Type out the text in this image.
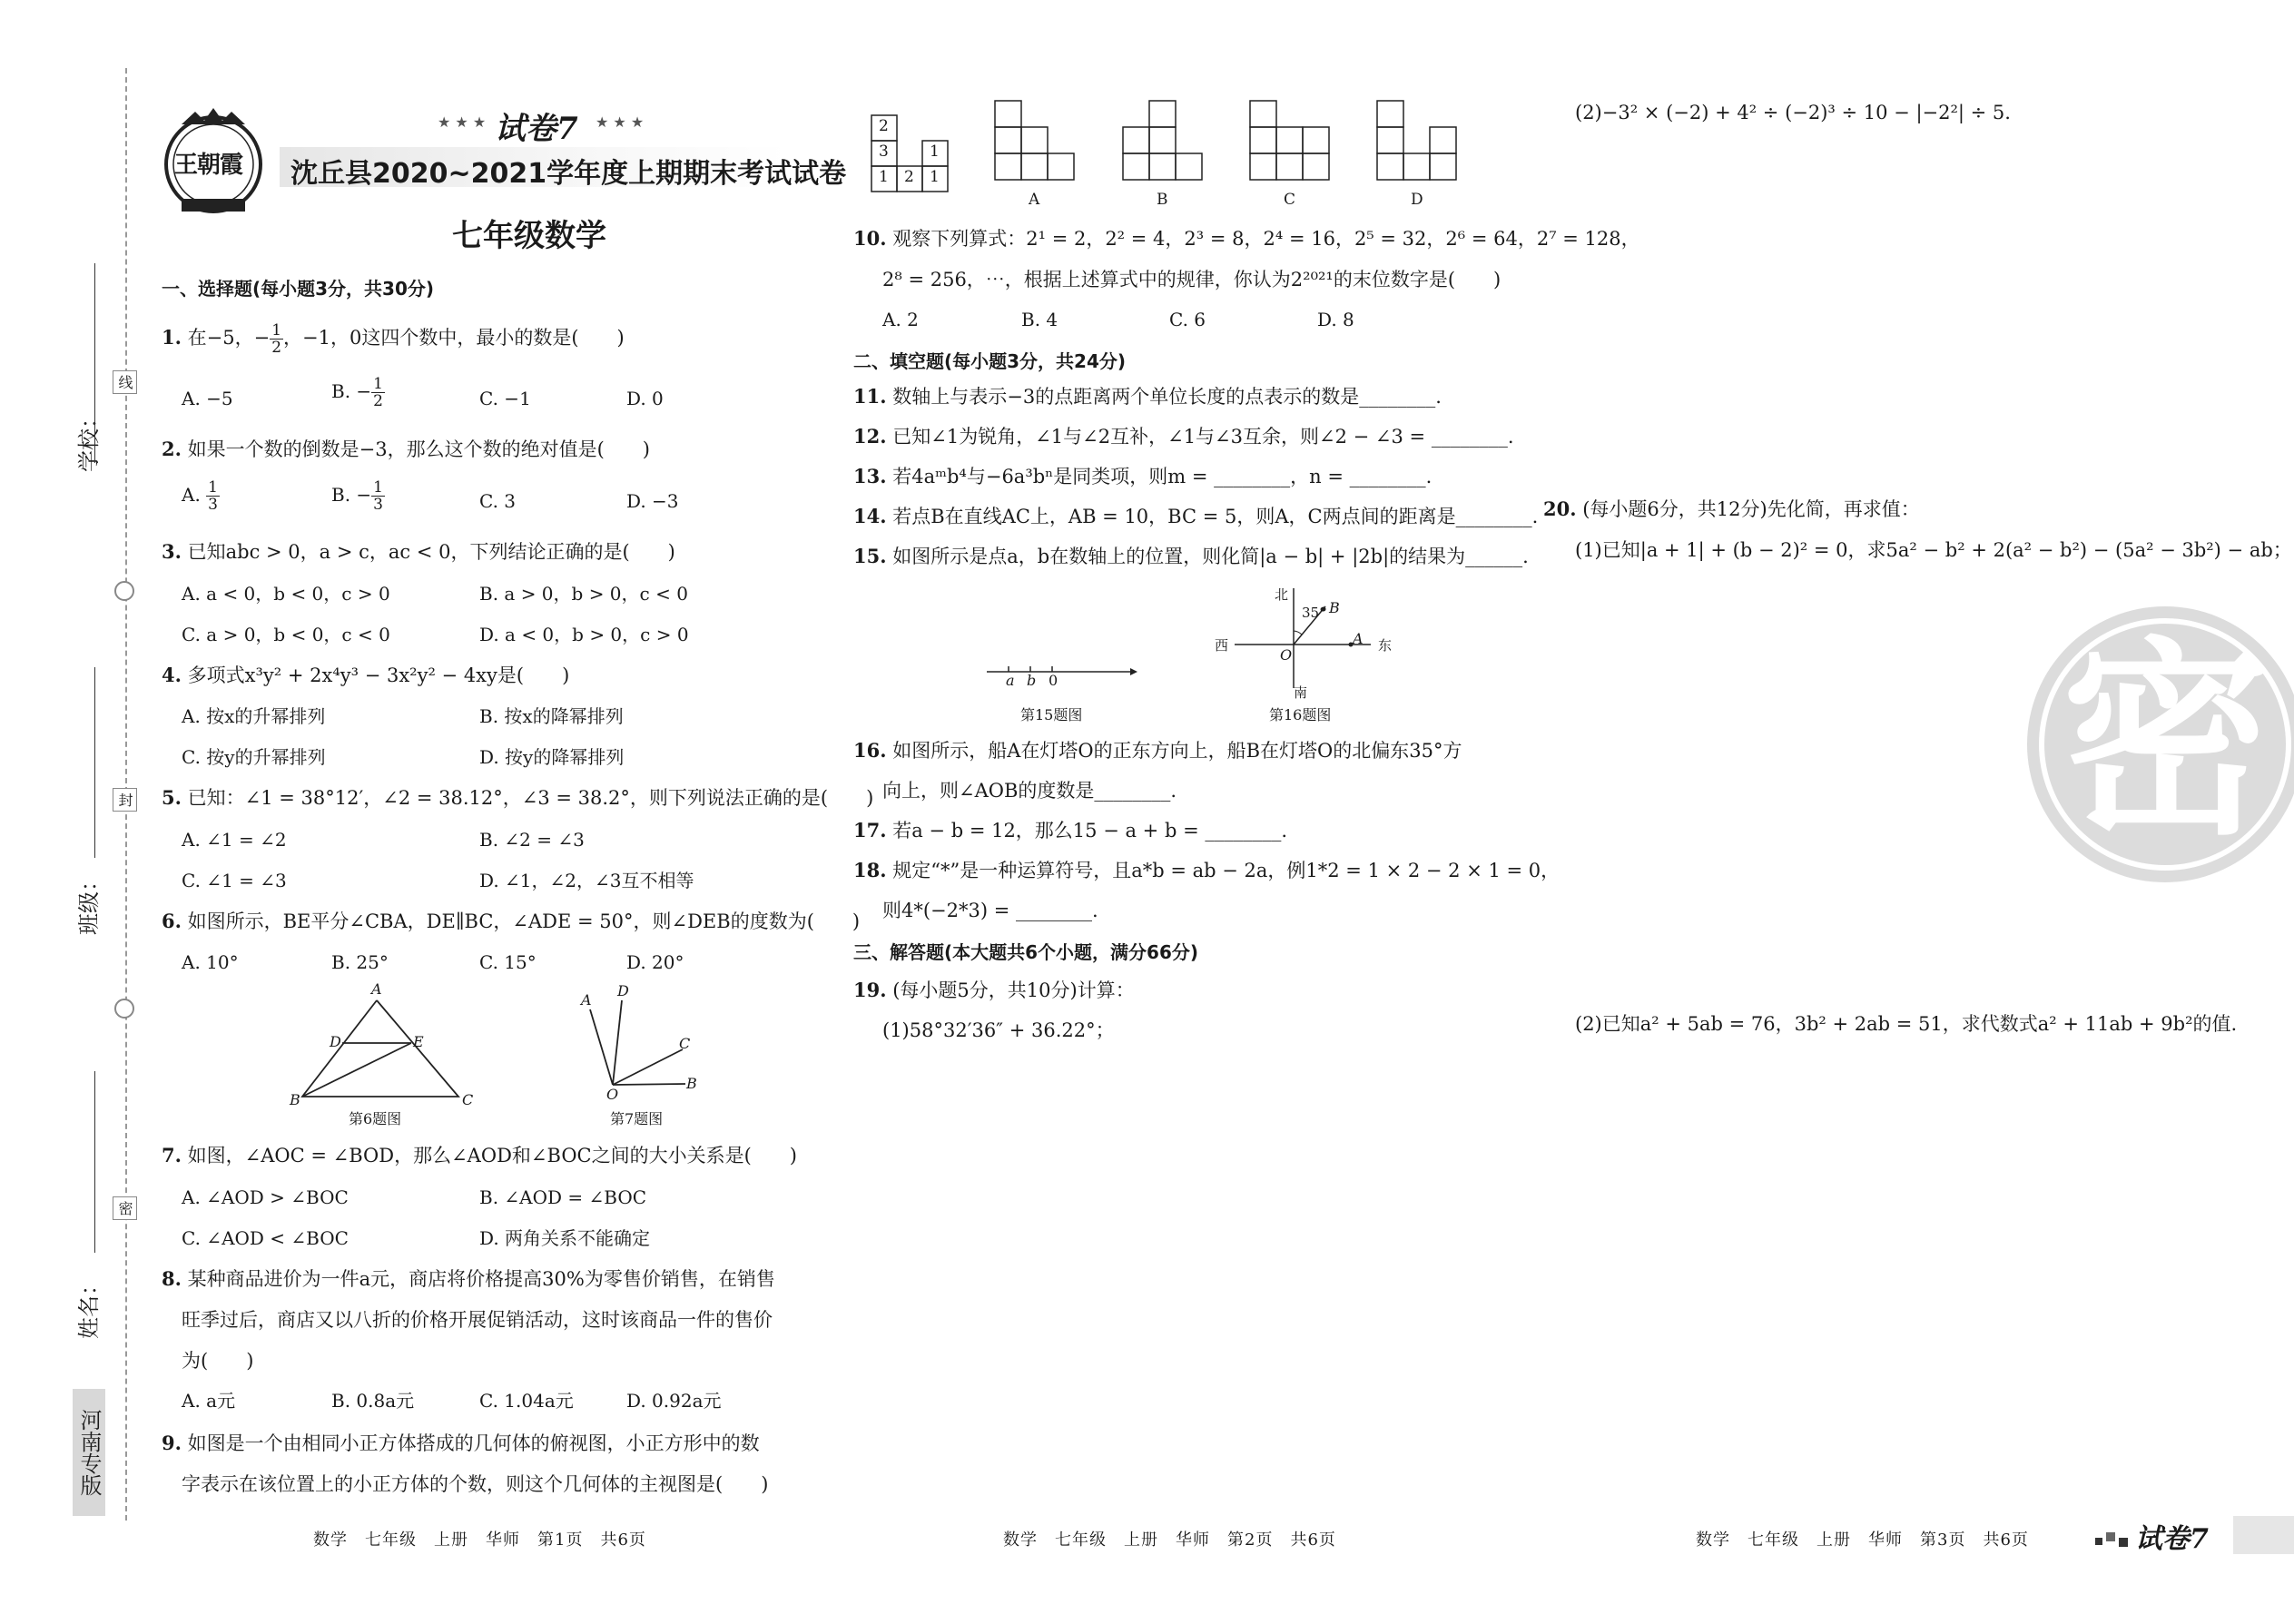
线
封
密
学校：
班级：
姓名：
河南专版
王朝霞
★ ★ ★ 试卷7 ★ ★ ★
沈丘县2020~2021学年度上期期末考试试卷
七年级数学
一、选择题(每小题3分，共30分)
1. 在−5，− $\frac{1}{2}$ ，−1，0这四个数中，最小的数是(　　)
A. −5	B. − $\frac{1}{2}$	C. −1	D. 0
2. 如果一个数的倒数是−3，那么这个数的绝对值是(　　)
A. $\frac{1}{3}$	B. − $\frac{1}{3}$	C. 3	D. −3
3. 已知abc > 0，a > c，ac < 0，下列结论正确的是(　　)
A. a < 0，b < 0，c > 0	B. a > 0，b > 0，c < 0
C. a > 0，b < 0，c < 0	D. a < 0，b > 0，c > 0
4. 多项式x³y² + 2x⁴y³ − 3x²y² − 4xy是(　　)
A. 按x的升幂排列	B. 按x的降幂排列
C. 按y的升幂排列	D. 按y的降幂排列
5. 已知：∠1 = 38°12′，∠2 = 38.12°，∠3 = 38.2°，则下列说法正确的是(　　)
A. ∠1 = ∠2	B. ∠2 = ∠3
C. ∠1 = ∠3	D. ∠1，∠2，∠3互不相等
6. 如图所示，BE平分∠CBA，DE∥BC，∠ADE = 50°，则∠DEB的度数为(　　)
A. 10°	B. 25°	C. 15°	D. 20°
A
D	E
B	C
第6题图
A
D
C
B
O
第7题图
7. 如图，∠AOC = ∠BOD，那么∠AOD和∠BOC之间的大小关系是(　　)
A. ∠AOD > ∠BOC	B. ∠AOD = ∠BOC
C. ∠AOD < ∠BOC	D. 两角关系不能确定
8. 某种商品进价为一件a元，商店将价格提高30%为零售价销售，在销售
旺季过后，商店又以八折的价格开展促销活动，这时该商品一件的售价
为(　　)
A. a元	B. 0.8a元	C. 1.04a元	D. 0.92a元
9. 如图是一个由相同小正方体搭成的几何体的俯视图，小正方形中的数
字表示在该位置上的小正方体的个数，则这个几何体的主视图是(　　)
数学　七年级　上册　华师　第1页　共6页
2
3	1
1 2 1
A	B	C	D
10. 观察下列算式：2¹ = 2，2² = 4，2³ = 8，2⁴ = 16，2⁵ = 32，2⁶ = 64，2⁷ = 128，
2⁸ = 256，⋯，根据上述算式中的规律，你认为2²⁰²¹的末位数字是(　　)
A. 2	B. 4	C. 6	D. 8
二、填空题(每小题3分，共24分)
11. 数轴上与表示−3的点距离两个单位长度的点表示的数是________.
12. 已知∠1为锐角，∠1与∠2互补，∠1与∠3互余，则∠2 − ∠3 = ________.
13. 若4aᵐb⁴与−6a³bⁿ是同类项，则m = ________，n = ________.
14. 若点B在直线AC上，AB = 10，BC = 5，则A，C两点间的距离是________.
15. 如图所示是点a，b在数轴上的位置，则化简|a − b| + |2b|的结果为______.
a b 0
第15题图
北
南
西	东
35° B
A
O
第16题图
16. 如图所示，船A在灯塔O的正东方向上，船B在灯塔O的北偏东35°方
向上，则∠AOB的度数是________.
17. 若a − b = 12，那么15 − a + b = ________.
18. 规定“*”是一种运算符号，且a*b = ab − 2a，例1*2 = 1 × 2 − 2 × 1 = 0，
则4*(−2*3) = ________.
三、解答题(本大题共6个小题，满分66分)
19. (每小题5分，共10分)计算：
(1)58°32′36″ + 36.22°；
数学　七年级　上册　华师　第2页　共6页
(2)−3² × (−2) + 4² ÷ (−2)³ ÷ 10 − |−2²| ÷ 5.
20. (每小题6分，共12分)先化简，再求值：
(1)已知|a + 1| + (b − 2)² = 0，求5a² − b² + 2(a² − b²) − (5a² − 3b²) − ab；
密
(2)已知a² + 5ab = 76，3b² + 2ab = 51，求代数式a² + 11ab + 9b²的值.
数学　七年级　上册　华师　第3页　共6页	试卷7
